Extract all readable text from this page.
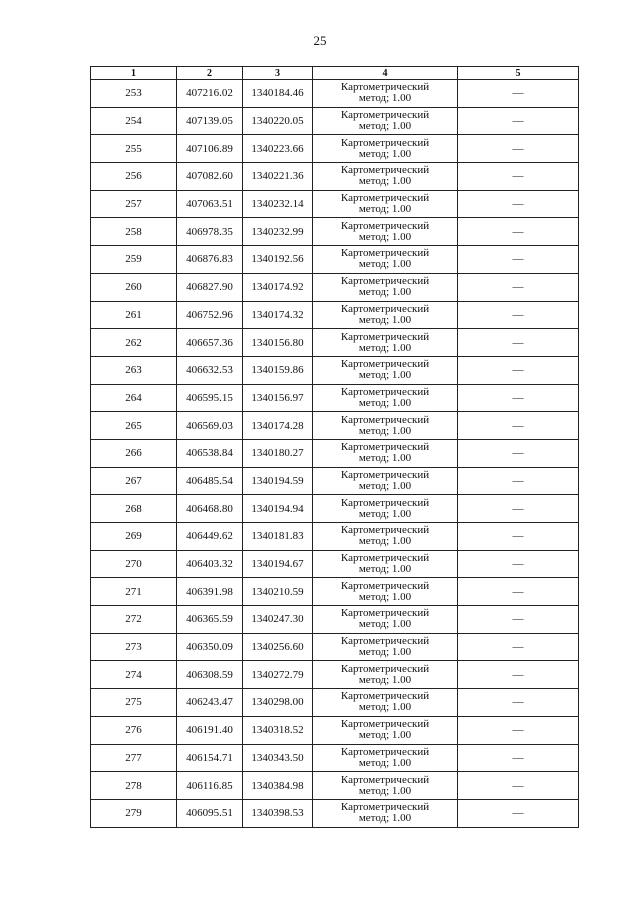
25
1	2	3	4	5
253	407216.02	1340184.46	Картометрический
метод; 1.00	—
254	407139.05	1340220.05	Картометрический
метод; 1.00	—
255	407106.89	1340223.66	Картометрический
метод; 1.00	—
256	407082.60	1340221.36	Картометрический
метод; 1.00	—
257	407063.51	1340232.14	Картометрический
метод; 1.00	—
258	406978.35	1340232.99	Картометрический
метод; 1.00	—
259	406876.83	1340192.56	Картометрический
метод; 1.00	—
260	406827.90	1340174.92	Картометрический
метод; 1.00	—
261	406752.96	1340174.32	Картометрический
метод; 1.00	—
262	406657.36	1340156.80	Картометрический
метод; 1.00	—
263	406632.53	1340159.86	Картометрический
метод; 1.00	—
264	406595.15	1340156.97	Картометрический
метод; 1.00	—
265	406569.03	1340174.28	Картометрический
метод; 1.00	—
266	406538.84	1340180.27	Картометрический
метод; 1.00	—
267	406485.54	1340194.59	Картометрический
метод; 1.00	—
268	406468.80	1340194.94	Картометрический
метод; 1.00	—
269	406449.62	1340181.83	Картометрический
метод; 1.00	—
270	406403.32	1340194.67	Картометрический
метод; 1.00	—
271	406391.98	1340210.59	Картометрический
метод; 1.00	—
272	406365.59	1340247.30	Картометрический
метод; 1.00	—
273	406350.09	1340256.60	Картометрический
метод; 1.00	—
274	406308.59	1340272.79	Картометрический
метод; 1.00	—
275	406243.47	1340298.00	Картометрический
метод; 1.00	—
276	406191.40	1340318.52	Картометрический
метод; 1.00	—
277	406154.71	1340343.50	Картометрический
метод; 1.00	—
278	406116.85	1340384.98	Картометрический
метод; 1.00	—
279	406095.51	1340398.53	Картометрический
метод; 1.00	—
